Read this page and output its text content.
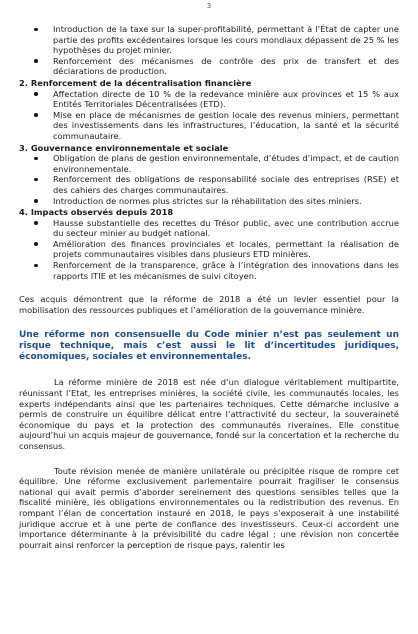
3
Introduction de la taxe sur la super-profitabilité, permettant à l’État de capter une partie des profits excédentaires lorsque les cours mondiaux dépassent de 25 % les hypothèses du projet minier.
Renforcement des mécanismes de contrôle des prix de transfert et des déclarations de production.
2. Renforcement de la décentralisation financière
Affectation directe de 10 % de la redevance minière aux provinces et 15 % aux Entités Territoriales Décentralisées (ETD).
Mise en place de mécanismes de gestion locale des revenus miniers, permettant des investissements dans les infrastructures, l’éducation, la santé et la sécurité communautaire.
3. Gouvernance environnementale et sociale
Obligation de plans de gestion environnementale, d’études d’impact, et de caution environnementale.
Renforcement des obligations de responsabilité sociale des entreprises (RSE) et des cahiers des charges communautaires.
Introduction de normes plus strictes sur la réhabilitation des sites miniers.
4. Impacts observés depuis 2018
Hausse substantielle des recettes du Trésor public, avec une contribution accrue du secteur minier au budget national.
Amélioration des finances provinciales et locales, permettant la réalisation de projets communautaires visibles dans plusieurs ETD minières.
Renforcement de la transparence, grâce à l’intégration des innovations dans les rapports ITIE et les mécanismes de suivi citoyen.

Ces acquis démontrent que la réforme de 2018 a été un levier essentiel pour la mobilisation des ressources publiques et l’amélioration de la gouvernance minière.

Une réforme non consensuelle du Code minier n’est pas seulement un risque technique, mais c’est aussi le lit d’incertitudes juridiques, économiques, sociales et environnementales.

La réforme minière de 2018 est née d’un dialogue véritablement multipartite, réunissant l’Etat, les entreprises minières, la société civile, les communautés locales, les experts indépendants ainsi que les partenaires techniques. Cette démarche inclusive a permis de construire un équilibre délicat entre l’attractivité du secteur, la souveraineté économique du pays et la protection des communautés riveraines. Elle constitue aujourd’hui un acquis majeur de gouvernance, fondé sur la concertation et la recherche du consensus.

Toute révision menée de manière unilatérale ou précipitée risque de rompre cet équilibre. Une réforme exclusivement parlementaire pourrait fragiliser le consensus national qui avait permis d’aborder sereinement des questions sensibles telles que la fiscalité minière, les obligations environnementales ou la redistribution des revenus. En rompant l’élan de concertation instauré en 2018, le pays s’exposerait à une instabilité juridique accrue et à une perte de confiance des investisseurs. Ceux-ci accordent une importance déterminante à la prévisibilité du cadre légal ; une révision non concertée pourrait ainsi renforcer la perception de risque pays, ralentir les
